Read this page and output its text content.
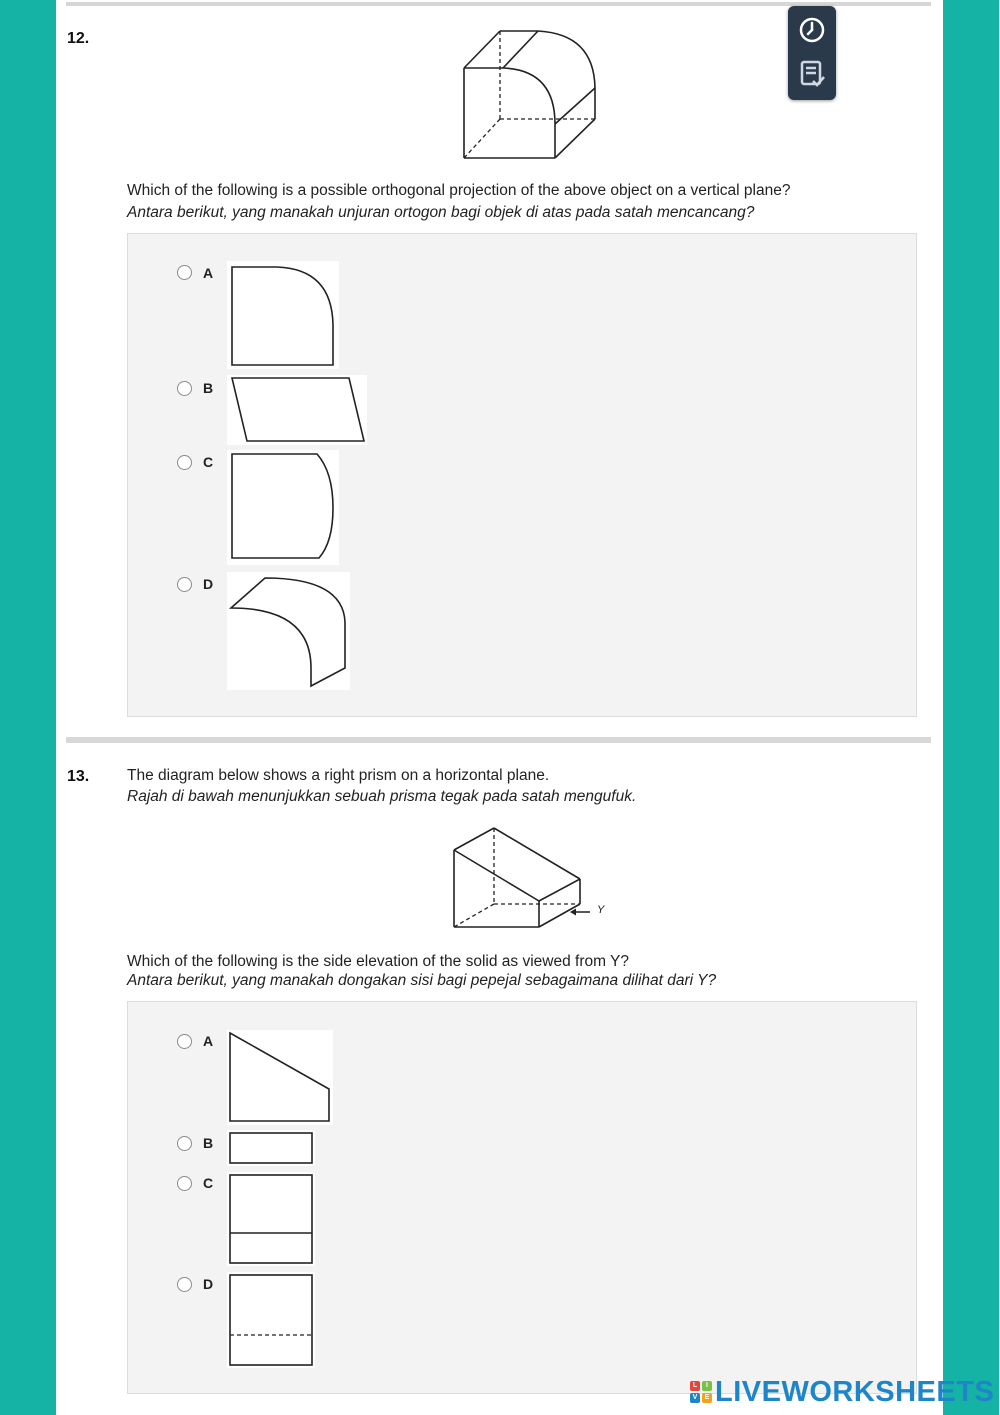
12.
Which of the following is a possible orthogonal projection of the above object on a vertical plane?
Antara berikut, yang manakah unjuran ortogon bagi objek di atas pada satah mencancang?
A
B
C
D
13. The diagram below shows a right prism on a horizontal plane.
Rajah di bawah menunjukkan sebuah prisma tegak pada satah mengufuk.
Y
Which of the following is the side elevation of the solid as viewed from Y?
Antara berikut, yang manakah dongakan sisi bagi pepejal sebagaimana dilihat dari Y?
A
B
C
D
L	I
V	E LIVEWORKSHEETS
